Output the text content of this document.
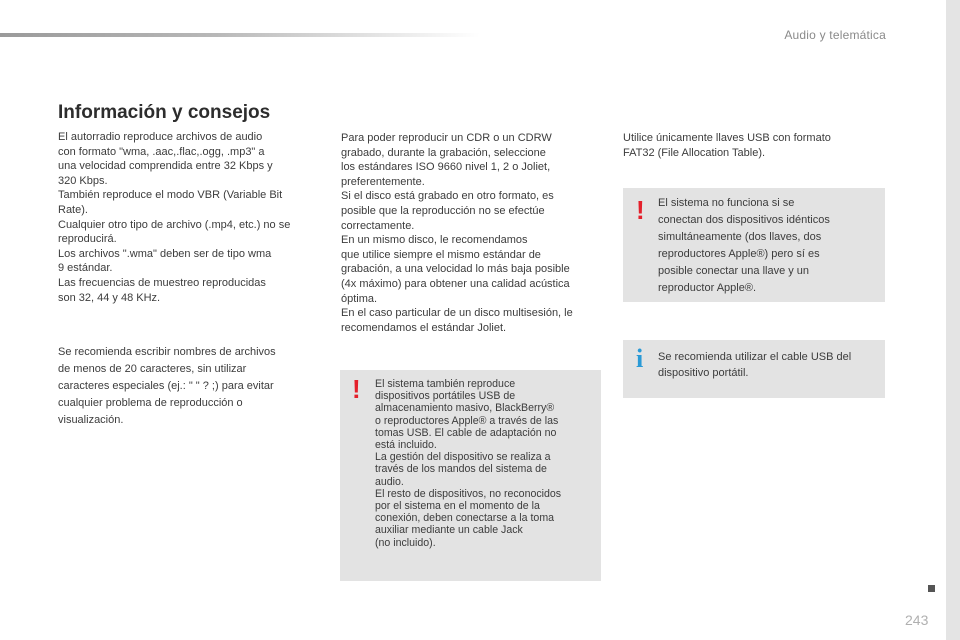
Audio y telemática
Información y consejos
El autorradio reproduce archivos de audio
con formato "wma, .aac,.flac,.ogg, .mp3" a
una velocidad comprendida entre 32 Kbps y
320 Kbps.
También reproduce el modo VBR (Variable Bit
Rate).
Cualquier otro tipo de archivo (.mp4, etc.) no se
reproducirá.
Los archivos ".wma" deben ser de tipo wma
9 estándar.
Las frecuencias de muestreo reproducidas
son 32, 44 y 48 KHz.
Se recomienda escribir nombres de archivos
de menos de 20 caracteres, sin utilizar
caracteres especiales (ej.: " " ? ;) para evitar
cualquier problema de reproducción o
visualización.
Para poder reproducir un CDR o un CDRW
grabado, durante la grabación, seleccione
los estándares ISO 9660 nivel 1, 2 o Joliet,
preferentemente.
Si el disco está grabado en otro formato, es
posible que la reproducción no se efectúe
correctamente.
En un mismo disco, le recomendamos
que utilice siempre el mismo estándar de
grabación, a una velocidad lo más baja posible
(4x máximo) para obtener una calidad acústica
óptima.
En el caso particular de un disco multisesión, le
recomendamos el estándar Joliet.
! El sistema también reproduce
dispositivos portátiles USB de
almacenamiento masivo, BlackBerry®
o reproductores Apple® a través de las
tomas USB. El cable de adaptación no
está incluido.
La gestión del dispositivo se realiza a
través de los mandos del sistema de
audio.
El resto de dispositivos, no reconocidos
por el sistema en el momento de la
conexión, deben conectarse a la toma
auxiliar mediante un cable Jack
(no incluido).
Utilice únicamente llaves USB con formato
FAT32 (File Allocation Table).
! El sistema no funciona si se
conectan dos dispositivos idénticos
simultáneamente (dos llaves, dos
reproductores Apple®) pero sí es
posible conectar una llave y un
reproductor Apple®.
i Se recomienda utilizar el cable USB del
dispositivo portátil.
243
